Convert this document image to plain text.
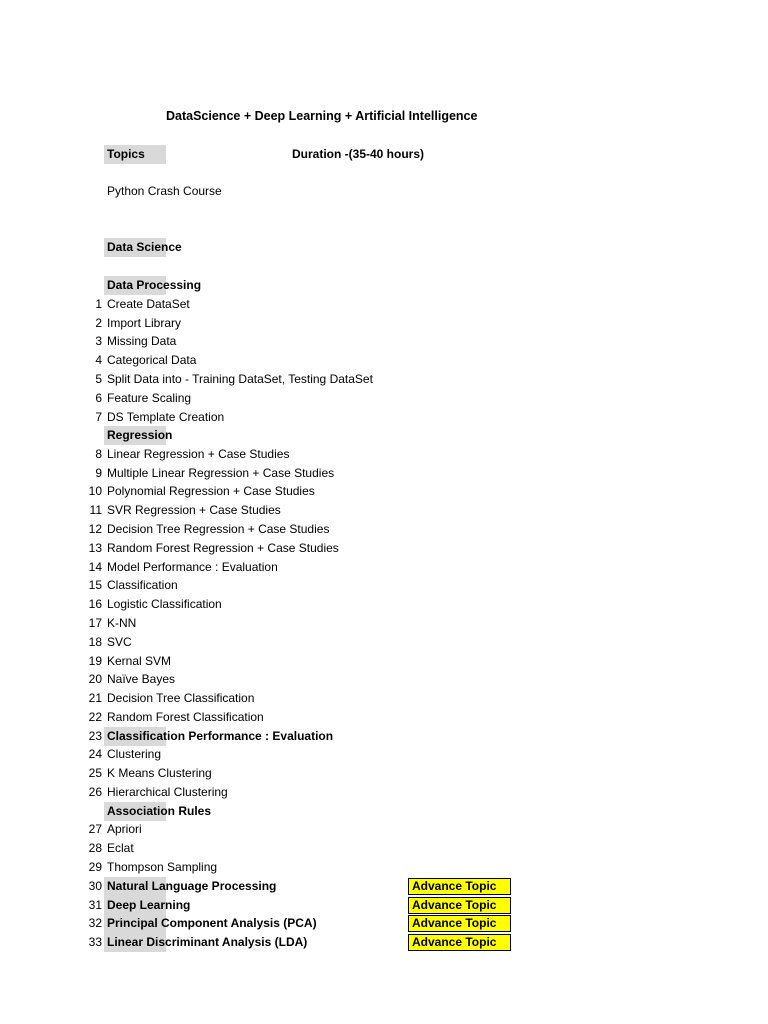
DataScience + Deep Learning + Artificial Intelligence
Topics	Duration -(35-40 hours)
Python Crash Course
Data Science
Data Processing
1 Create DataSet
2 Import Library
3 Missing Data
4 Categorical Data
5 Split Data into - Training DataSet, Testing DataSet
6 Feature Scaling
7 DS Template Creation
Regression
8 Linear Regression + Case Studies
9 Multiple Linear Regression + Case Studies
10 Polynomial Regression + Case Studies
11 SVR Regression + Case Studies
12 Decision Tree Regression + Case Studies
13 Random Forest Regression + Case Studies
14 Model Performance : Evaluation
15 Classification
16 Logistic Classification
17 K-NN
18 SVC
19 Kernal SVM
20 Naïve Bayes
21 Decision Tree Classification
22 Random Forest Classification
23 Classification Performance : Evaluation
24 Clustering
25 K Means Clustering
26 Hierarchical Clustering
Association Rules
27 Apriori
28 Eclat
29 Thompson Sampling
30 Natural Language Processing	Advance Topic
31 Deep Learning	Advance Topic
32 Principal Component Analysis (PCA)	Advance Topic
33 Linear Discriminant Analysis (LDA)	Advance Topic
